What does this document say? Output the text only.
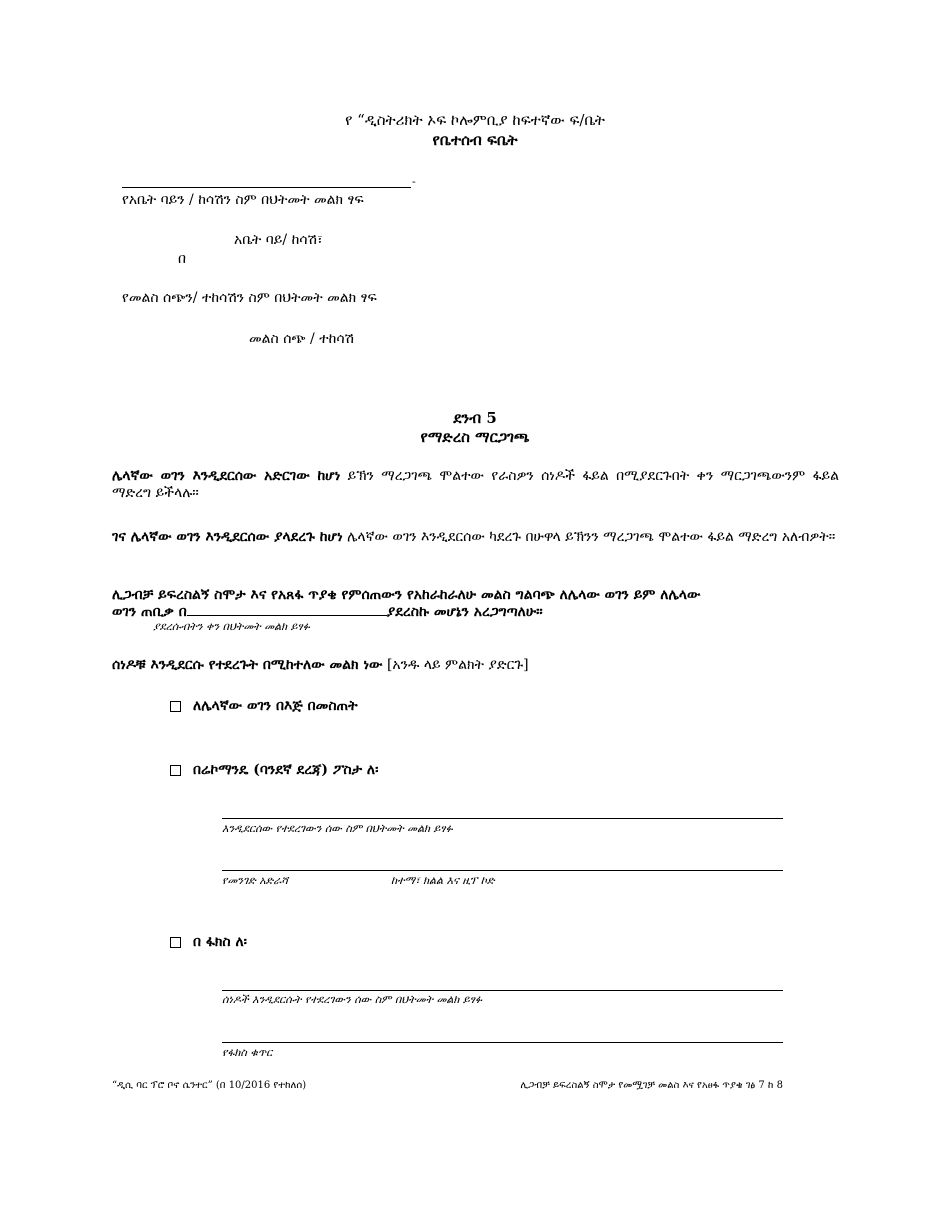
የ “ዲስትሪክት ኦፍ ኮሎምቢያ ከፍተኛው ፍ/ቤት
የቤተሰብ ፍቤት
-
የአቤት ባይን / ከሳሽን ስም በህትመት መልክ ፃፍ
አቤት ባይ/ ከሳሽ፣
በ
የመልስ ሰጭን/ ተከሳሽን ስም በህትመት መልክ ፃፍ
መልስ ሰጭ / ተከሳሽ
ደንብ 5
የማድረስ ማርጋገጫ
ሌላኛው ወገን እንዲደርሰው አድርገው ከሆነ ይኽን ማረጋገጫ ሞልተው የራስዎን ሰነዶች ፋይል በሚያደርጉበት ቀን ማርጋገጫውንም ፋይል ማድረግ ይችላሉ።
ገና ሌላኛው ወገን እንዲደርሰው ያላደረጉ ከሆነ ሌላኛው ወገን እንዲደርሰው ካደረጉ በሁዋላ ይኽንን ማረጋገጫ ሞልተው ፋይል ማድረግ አለብዎት።
ሊጋብቻ ይፍረስልኝ ስሞታ እና የአጸፋ ጥያቄ የምሰጠውን የአከራከራለሁ መልስ ግልባጭ ለሌላው ወገን ይም ለሌላው
ወገን ጠቢቃ በ	ያደረስኩ መሆኔን አረጋግጣለሁ።
ያደረሱብትን ቀን በህትመት መልክ ይፃፉ
ሰነዶቹ እንዲደርሱ የተደረጉት በሚከተለው መልክ ነው [አንዱ ላይ ምልክት ያድርጉ]
ለሌላኛው ወገን በእጅ በመስጠት
በሬኮማንዴ (ባንደኛ ደረጃ) ፖስታ ለ፡
እንዲደርሰው የተደረገውን ሰው ስም በህትመት መልክ ይፃፉ
የመንገድ አድራሻ	ከተማ፣ ክልል እና ዚፕ ኮድ
በ ፋክስ ለ፡
ሰነዶች እንዲደርሱት የተደረገውን ሰው ስም በህትመት መልክ ይፃፉ
የፋክስ ቁጥር
“ዲሲ ባር ፕሮ ቦኖ ሴንተር” (በ 10/2016 የተከለሰ)	ሊጋብቻ ይፍረስልኝ ስሞታ የመሟገቻ መልስ እና የአፀፋ ጥያቄ ገፅ 7 ከ 8
